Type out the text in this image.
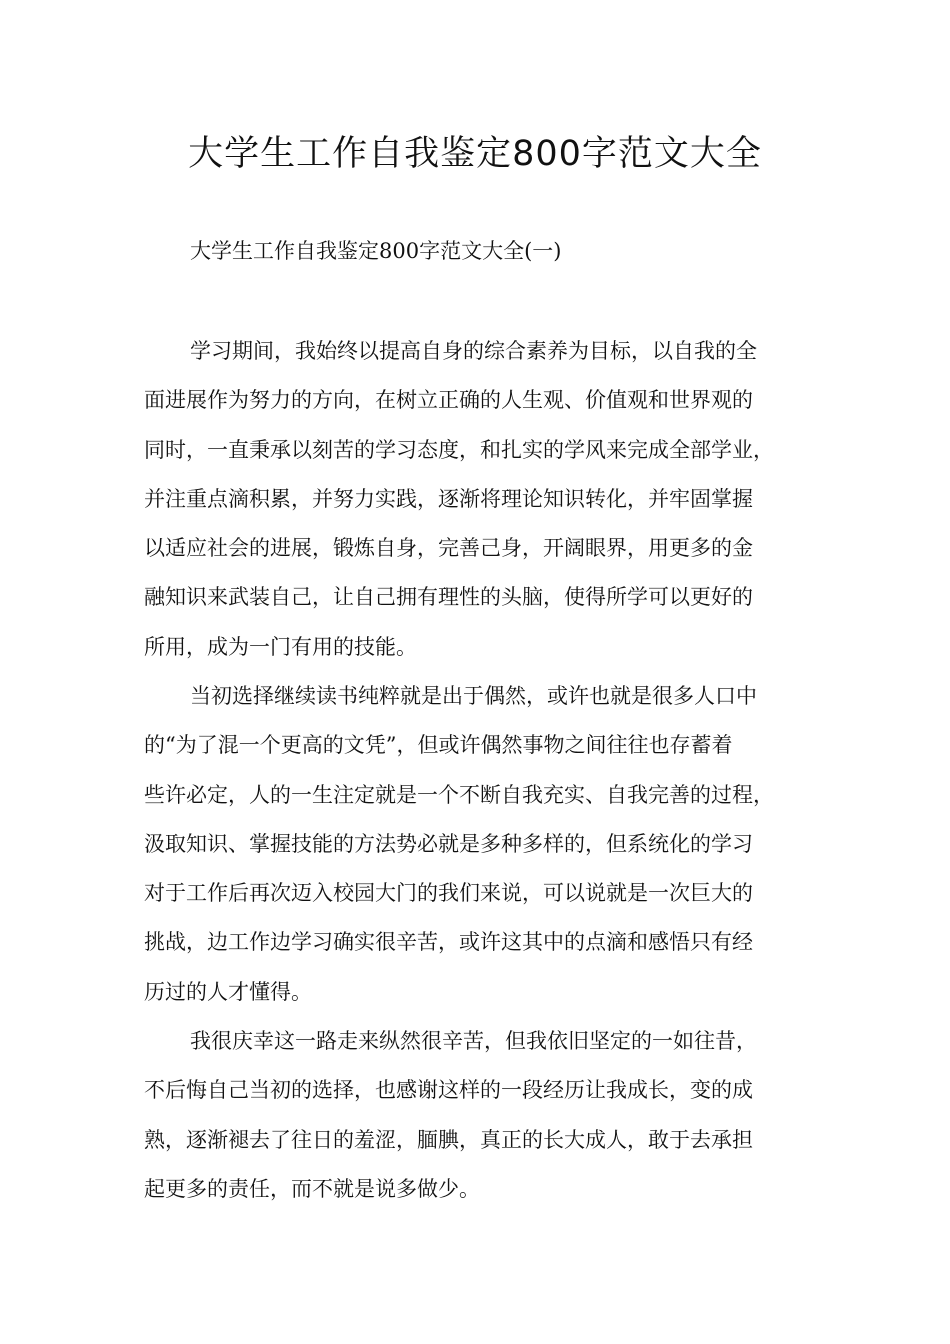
大学生工作自我鉴定800字范文大全
大学生工作自我鉴定800字范文大全(一)
学习期间，我始终以提高自身的综合素养为目标，以自我的全
面进展作为努力的方向，在树立正确的人生观、价值观和世界观的
同时，一直秉承以刻苦的学习态度，和扎实的学风来完成全部学业，
并注重点滴积累，并努力实践，逐渐将理论知识转化，并牢固掌握
以适应社会的进展，锻炼自身，完善己身，开阔眼界，用更多的金
融知识来武装自己，让自己拥有理性的头脑，使得所学可以更好的
所用，成为一门有用的技能。
当初选择继续读书纯粹就是出于偶然，或许也就是很多人口中
的“为了混一个更高的文凭”，但或许偶然事物之间往往也存蓄着
些许必定，人的一生注定就是一个不断自我充实、自我完善的过程，
汲取知识、掌握技能的方法势必就是多种多样的，但系统化的学习
对于工作后再次迈入校园大门的我们来说，可以说就是一次巨大的
挑战，边工作边学习确实很辛苦，或许这其中的点滴和感悟只有经
历过的人才懂得。
我很庆幸这一路走来纵然很辛苦，但我依旧坚定的一如往昔，
不后悔自己当初的选择，也感谢这样的一段经历让我成长，变的成
熟，逐渐褪去了往日的羞涩，腼腆，真正的长大成人，敢于去承担
起更多的责任，而不就是说多做少。
